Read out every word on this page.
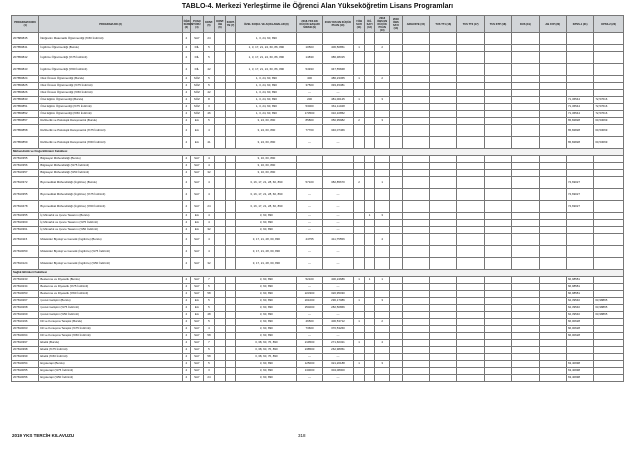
TABLO-4. Merkezi Yerleştirme ile Öğrenci Alan Yükseköğretim Lisans Programları
PROGRAM KODU (1)	PROGRAM ADI (2)	ÖĞR. SÜRESİ (3)	PUAN TÜRÜ (4)	KONT. (5)	KONT. ÖB (6)	KONT. YB (7)	ÖZEL KOŞUL VE AÇIKLAMALAR (8)	2018-YKS EN KÜÇÜK BAŞARI SIRASI (9)	2018-YKS EN KÜÇÜK PUAN (10)	Y.ÖB SAYI (11)	ÖĞ. SAYI (12)	2018 ÖBS EN KÜÇÜK PUAN (13)	2018 ÖBS SAYI (14)	ARGOSTE (15)	TUS TT1 (16)	TUS TT2 (17)	TUS KTP (18)	DUS (19)	AB AYP (20)	KPSS-1 (21)	KPSS-2 (22)
207880845	İlköğretim Matematik Öğretmenliği (%50 İndirimli)	4	SAY	24			1, 3, 24, 60, 890														
207850841	İngilizce Öğretmenliği (Burslu)	4	DİL	5			1, 3, 17, 21, 24, 60, 86, 890	10503	406,50851	1		2									
207850842	İngilizce Öğretmenliği (%75 İndirimli)	4	DİL	5			1, 3, 17, 21, 24, 60, 86, 890	14830	386,38315												
207850843	İngilizce Öğretmenliği (%50 İndirimli)	4	DİL	42			1, 3, 17, 21, 24, 60, 86, 890	54933	347,55848												
207850824	Okul Öncesi Öğretmenliği (Burslu)	4	SÖZ	5			1, 3, 24, 60, 890	400	486,23365	1		2									
207850825	Okul Öncesi Öğretmenliği (%75 İndirimli)	4	SÖZ	5			1, 3, 24, 60, 890	37500	393,45381												
207850826	Okul Öncesi Öğretmenliği (%50 İndirimli)	4	SÖZ	42			1, 3, 24, 60, 890	---	---												
207850833	Özel Eğitim Öğretmenliği (Burslu)	4	SÖZ	8			1, 3, 24, 60, 890	200	481,00125	1		3								71,36544	72,57616
207850851	Özel Eğitim Öğretmenliği (%75 İndirimli)	4	SÖZ	3			1, 3, 24, 60, 890	53000	361,11048											71,36544	72,57616
207850852	Özel Eğitim Öğretmenliği (%50 İndirimli)	4	SÖZ	46			1, 3, 24, 60, 890	173500	310,10852											71,36544	72,57616
207850857	Rehberlik ve Psikolojik Danışmanlık (Burslu)	4	EA	5			3, 24, 60, 890	85800	350,95982	2		3								65,82828	60,53069
207850858	Rehberlik ve Psikolojik Danışmanlık (%75 İndirimli)	4	EA	4			3, 24, 60, 890	77700	346,07466											65,82828	60,53069
207850859	Rehberlik ve Psikolojik Danışmanlık (%50 İndirimli)	4	EA	41			3, 24, 60, 890	---	---											65,82828	60,53069
Mühendislik ve Doğa Bilimleri Fakültesi																					
207810355	Bilgisayar Mühendisliği (Burslu)	4	SAY	4			3, 16, 60, 890														
207810356	Bilgisayar Mühendisliği (%75 İndirimli)	4	SAY	4			3, 16, 60, 890														
207810357	Bilgisayar Mühendisliği (%50 İndirimli)	4	SAY	32			3, 16, 60, 890														
207810372	Biyomedikal Mühendisliği (İngilizce) (Burslu)	4	SAY	4			3, 16, 17, 21, 28, 60, 890	57100	382,85670	2		1								74,69027	
207810355	Biyomedikal Mühendisliği (İngilizce) (%75 İndirimli)	4	SAY	4			3, 16, 17, 21, 28, 60, 890	---	---											74,69027	
207810478	Biyomedikal Mühendisliği (İngilizce) (%50 İndirimli)	4	SAY	24			3, 16, 17, 21, 28, 60, 890	---	---											74,69027	
207810355	İç Mimarlık ve Çevre Tasarımı (Burslu)	4	EA	4			3, 60, 890	---	---		1	3									
207810360	İç Mimarlık ve Çevre Tasarımı (%75 İndirimli)	4	EA	4			3, 60, 890	---	---												
207810361	İç Mimarlık ve Çevre Tasarımı (%50 İndirimli)	4	EA	32			3, 60, 890	---	---												
207810115	Moleküler Biyoloji ve Genetik (İngilizce) (Burslu)	4	SAY	4			3, 17, 21, 28, 60, 890	44755	411,75556			4									
207810050	Moleküler Biyoloji ve Genetik (İngilizce) (%75 İndirimli)	4	SAY	4			3, 17, 21, 28, 60, 890	---	---												
207810124	Moleküler Biyoloji ve Genetik (İngilizce) (%50 İndirimli)	4	SAY	32			3, 17, 21, 28, 60, 890	---	---												
Sağlık Bilimleri Fakültesi																					
207810233	Beslenme ve Diyetetik (Burslu)	4	SAY	7			3, 60, 890	52100	400,24686	1	1	1								66,98581	
207810234	Beslenme ve Diyetetik (%75 İndirimli)	4	SAY	5			3, 60, 890	---	---											66,98581	
207810053	Beslenme ve Diyetetik (%50 İndirimli)	4	SAY	58			3, 60, 890	223300	320,95030											66,98581	
207810267	Çocuk Gelişimi (Burslu)	4	EA	5			3, 60, 890	201000	296,17086	1		3								62,39540	63,98865
207810268	Çocuk Gelişimi (%75 İndirimli)	4	EA	5			3, 60, 890	254000	282,50866											62,39540	63,98865
207810269	Çocuk Gelişimi (%50 İndirimli)	4	EA	48			3, 60, 890	---	---											62,39540	63,98865
207810196	Dil ve Konuşma Terapisi (Burslu)	4	SAY	5			3, 60, 890	46500	406,53712	1		2								66,00628	
207810063	Dil ve Konuşma Terapisi (%75 İndirimli)	4	SAY	4			3, 60, 890	73600	370,53260											66,00628	
207810064	Dil ve Konuşma Terapisi (%50 İndirimli)	4	SAY	58			3, 60, 890	---	---											66,00628	
207810397	Ebelik (Burslu)	4	SAY	7			3, 38, 60, 76, 890	219500	271,60321	1		4									
207810398	Ebelik (%75 İndirimli)	4	SAY	5			3, 38, 60, 76, 890	248500	262,98051												
207810399	Ebelik (%50 İndirimli)	4	SAY	58			3, 38, 60, 76, 890	---	---												
207810054	Ergoterapi (Burslu)	4	SAY	5			3, 60, 890	125000	321,20188	1		3								63,40998	
207810055	Ergoterapi (%75 İndirimli)	4	SAY	3			3, 60, 890	130000	304,08000											63,40998	
207810056	Ergoterapi (%50 İndirimli)	4	SAY	24			3, 60, 890	---	---											63,40998	
2019 YKS TERCİH KILAVUZU	318
